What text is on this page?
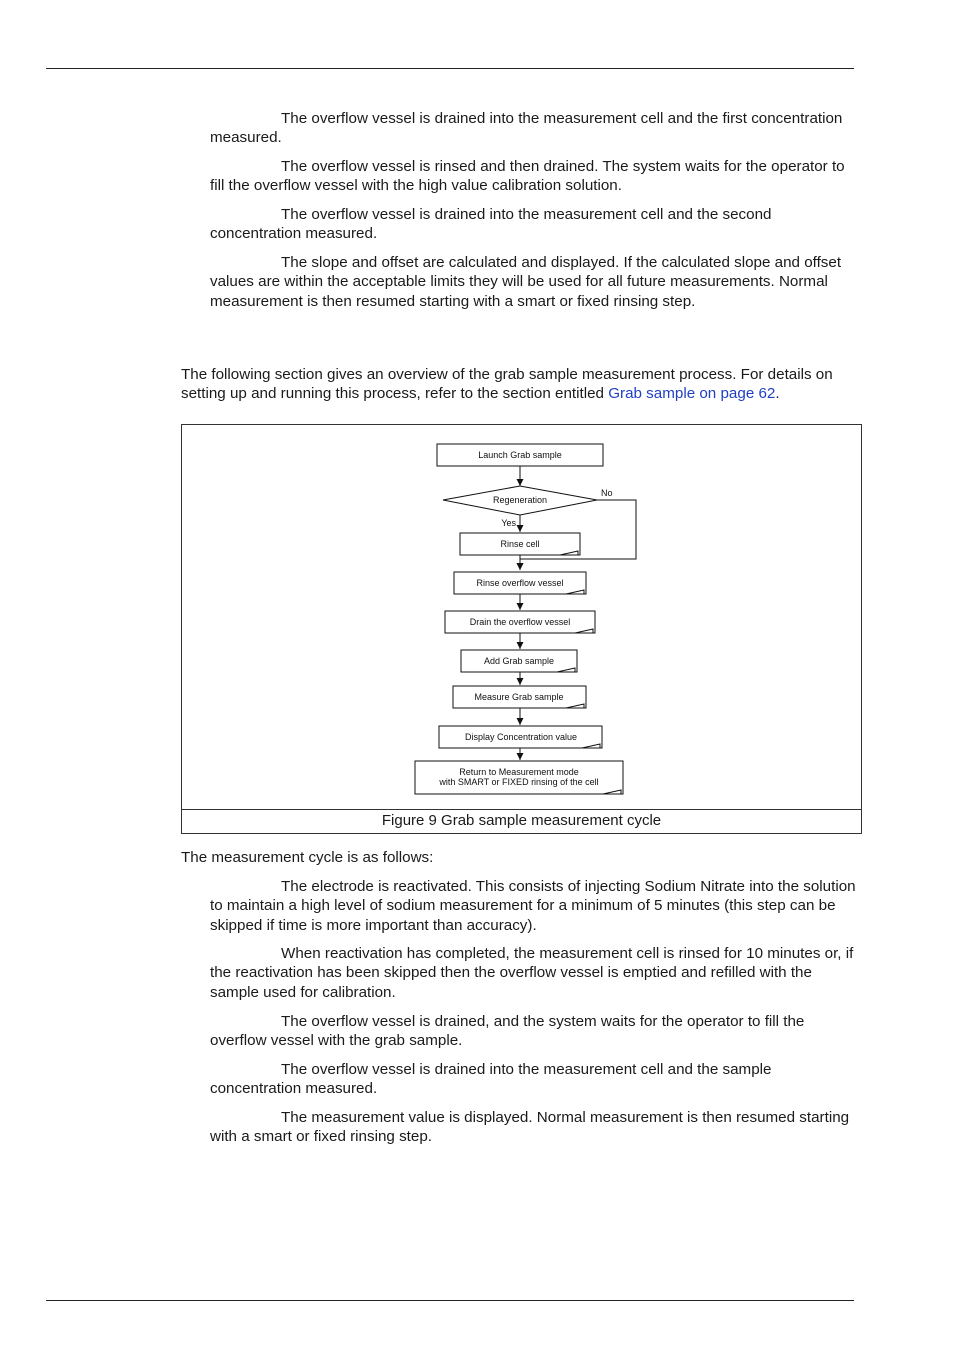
The overflow vessel is drained into the measurement cell and the first concentration measured.

The overflow vessel is rinsed and then drained. The system waits for the operator to fill the overflow vessel with the high value calibration solution.

The overflow vessel is drained into the measurement cell and the second concentration measured.

The slope and offset are calculated and displayed. If the calculated slope and offset values are within the acceptable limits they will be used for all future measurements. Normal measurement is then resumed starting with a smart or fixed rinsing step.

The following section gives an overview of the grab sample measurement process. For details on setting up and running this process, refer to the section entitled Grab sample on page 62.

Launch Grab sample
Regeneration
No
Yes
Rinse cell
Rinse overflow vessel
Drain the overflow vessel
Add Grab sample
Measure Grab sample
Display Concentration value
Return to Measurement mode
with SMART or FIXED rinsing of the cell
Figure 9 Grab sample measurement cycle

The measurement cycle is as follows:

The electrode is reactivated. This consists of injecting Sodium Nitrate into the solution to maintain a high level of sodium measurement for a minimum of 5 minutes (this step can be skipped if time is more important than accuracy).

When reactivation has completed, the measurement cell is rinsed for 10 minutes or, if the reactivation has been skipped then the overflow vessel is emptied and refilled with the sample used for calibration.

The overflow vessel is drained, and the system waits for the operator to fill the overflow vessel with the grab sample.

The overflow vessel is drained into the measurement cell and the sample concentration measured.

The measurement value is displayed. Normal measurement is then resumed starting with a smart or fixed rinsing step.
